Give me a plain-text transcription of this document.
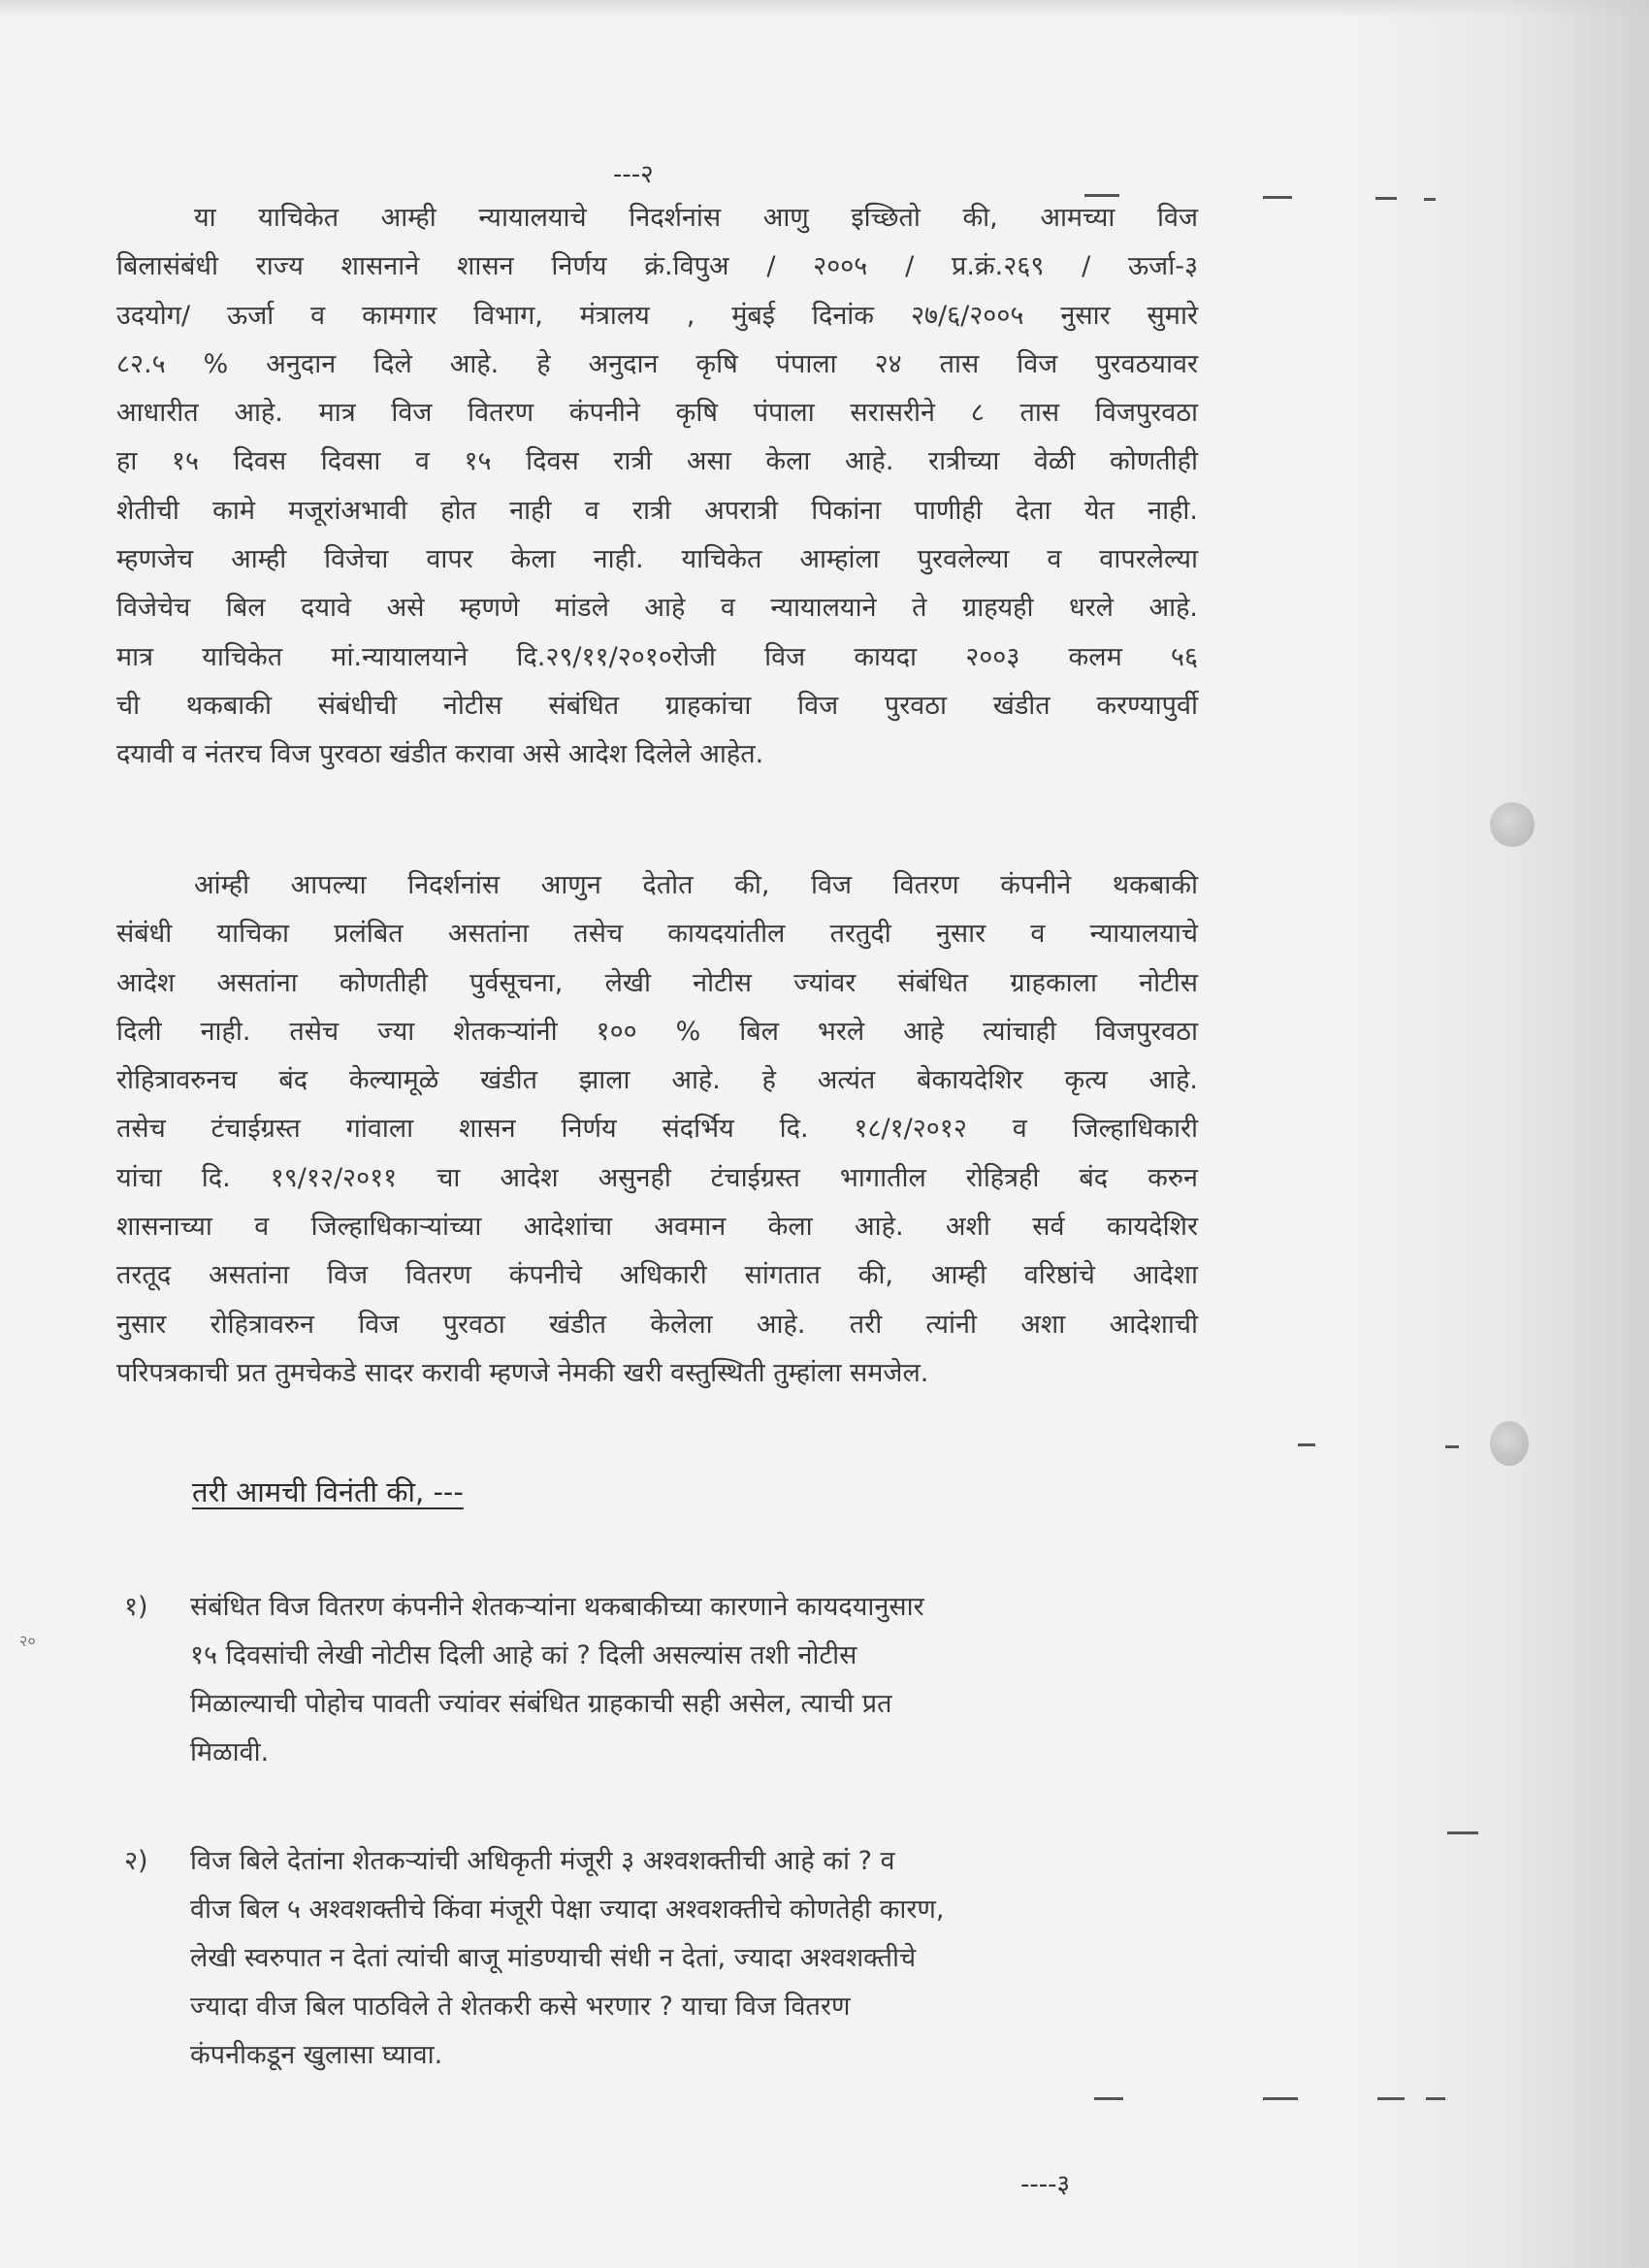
---२
या याचिकेत आम्ही न्यायालयाचे निदर्शनांस आणु इच्छितो की, आमच्या विज
बिलासंबंधी राज्य शासनाने शासन निर्णय क्रं.विपुअ / २००५ / प्र.क्रं.२६९ / ऊर्जा-३
उदयोग/ ऊर्जा व कामगार विभाग, मंत्रालय , मुंबई दिनांक २७/६/२००५ नुसार सुमारे
८२.५ % अनुदान दिले आहे. हे अनुदान कृषि पंपाला २४ तास विज पुरवठयावर
आधारीत आहे. मात्र विज वितरण कंपनीने कृषि पंपाला सरासरीने ८ तास विजपुरवठा
हा १५ दिवस दिवसा व १५ दिवस रात्री असा केला आहे. रात्रीच्या वेळी कोणतीही
शेतीची कामे मजूरांअभावी होत नाही व रात्री अपरात्री पिकांना पाणीही देता येत नाही.
म्हणजेच आम्ही विजेचा वापर केला नाही. याचिकेत आम्हांला पुरवलेल्या व वापरलेल्या
विजेचेच बिल दयावे असे म्हणणे मांडले आहे व न्यायालयाने ते ग्राहयही धरले आहे.
मात्र याचिकेत मां.न्यायालयाने दि.२९/११/२०१०रोजी विज कायदा २००३ कलम ५६
ची थकबाकी संबंधीची नोटीस संबंधित ग्राहकांचा विज पुरवठा खंडीत करण्यापुर्वी
दयावी व नंतरच विज पुरवठा खंडीत करावा असे आदेश दिलेले आहेत.
आंम्ही आपल्या निदर्शनांस आणुन देतोत की, विज वितरण कंपनीने थकबाकी
संबंधी याचिका प्रलंबित असतांना तसेच कायदयांतील तरतुदी नुसार व न्यायालयाचे
आदेश असतांना कोणतीही पुर्वसूचना, लेखी नोटीस ज्यांवर संबंधित ग्राहकाला नोटीस
दिली नाही. तसेच ज्या शेतकऱ्यांनी १०० % बिल भरले आहे त्यांचाही विजपुरवठा
रोहित्रावरुनच बंद केल्यामूळे खंडीत झाला आहे. हे अत्यंत बेकायदेशिर कृत्य आहे.
तसेच टंचाईग्रस्त गांवाला शासन निर्णय संदर्भिय दि. १८/१/२०१२ व जिल्हाधिकारी
यांचा दि. १९/१२/२०११ चा आदेश असुनही टंचाईग्रस्त भागातील रोहित्रही बंद करुन
शासनाच्या व जिल्हाधिकाऱ्यांच्या आदेशांचा अवमान केला आहे. अशी सर्व कायदेशिर
तरतूद असतांना विज वितरण कंपनीचे अधिकारी सांगतात की, आम्ही वरिष्ठांचे आदेशा
नुसार रोहित्रावरुन विज पुरवठा खंडीत केलेला आहे. तरी त्यांनी अशा आदेशाची
परिपत्रकाची प्रत तुमचेकडे सादर करावी म्हणजे नेमकी खरी वस्तुस्थिती तुम्हांला समजेल.
तरी आमची विनंती की, ---
२०
१) संबंधित विज वितरण कंपनीने शेतकऱ्यांना थकबाकीच्या कारणाने कायदयानुसार
१५ दिवसांची लेखी नोटीस दिली आहे कां ? दिली असल्यांस तशी नोटीस
मिळाल्याची पोहोच पावती ज्यांवर संबंधित ग्राहकाची सही असेल, त्याची प्रत
मिळावी.
२) विज बिले देतांना शेतकऱ्यांची अधिकृती मंजूरी ३ अश्वशक्तीची आहे कां ? व
वीज बिल ५ अश्वशक्तीचे किंवा मंजूरी पेक्षा ज्यादा अश्वशक्तीचे कोणतेही कारण,
लेखी स्वरुपात न देतां त्यांची बाजू मांडण्याची संधी न देतां, ज्यादा अश्वशक्तीचे
ज्यादा वीज बिल पाठविले ते शेतकरी कसे भरणार ? याचा विज वितरण
कंपनीकडून खुलासा घ्यावा.
----३
